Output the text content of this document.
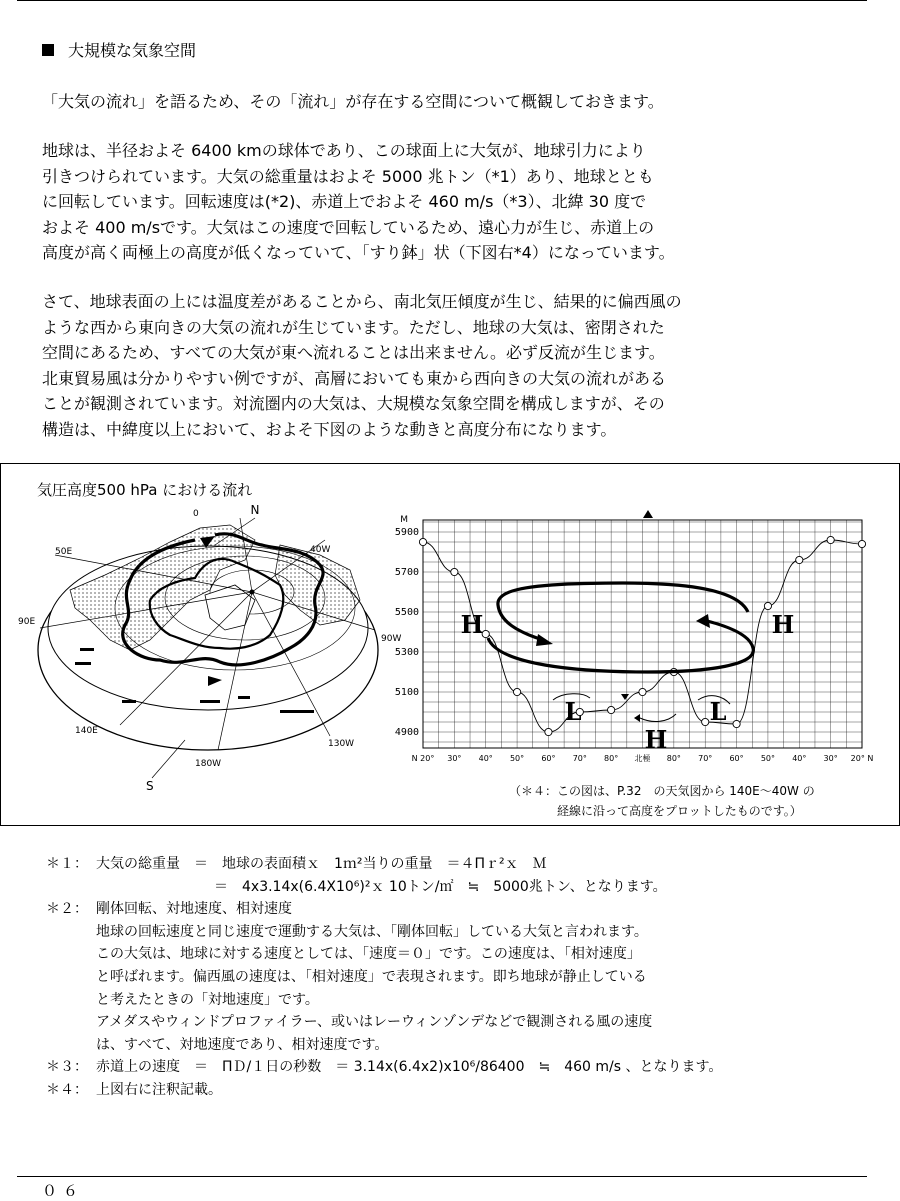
大規模な気象空間
「大気の流れ」を語るため、その「流れ」が存在する空間について概観しておきます。
地球は、半径およそ 6400 kmの球体であり、この球面上に大気が、地球引力により
引きつけられています。大気の総重量はおよそ 5000 兆トン（*1）あり、地球ととも
に回転しています。回転速度は(*2)、赤道上でおよそ 460 m/s（*3）、北緯 30 度で
およそ 400 m/sです。大気はこの速度で回転しているため、遠心力が生じ、赤道上の
高度が高く両極上の高度が低くなっていて、「すり鉢」状（下図右*4）になっています。
さて、地球表面の上には温度差があることから、南北気圧傾度が生じ、結果的に偏西風の
ような西から東向きの大気の流れが生じています。ただし、地球の大気は、密閉された
空間にあるため、すべての大気が東へ流れることは出来ません。必ず反流が生じます。
北東貿易風は分かりやすい例ですが、高層においても東から西向きの大気の流れがある
ことが観測されています。対流圏内の大気は、大規模な気象空間を構成しますが、その
構造は、中緯度以上において、およそ下図のような動きと高度分布になります。
気圧高度500 hPa における流れ
N
0
40W
50E
90E
90W
140E
180W
130W
S
M
4900
5100
5300
5500
5700
5900
N 20° 30° 40° 50° 60° 70° 80° 北極 80° 70° 60° 50° 40° 30° 20° N
H	H
L	L
H
（＊４：この図は、P.32　の天気図から 140E～40W の
経線に沿って高度をプロットしたものです。）
＊１： 大気の総重量　＝　地球の表面積ｘ　1ｍ²当りの重量　＝４Πｒ²ｘ　Ｍ
＝　4x3.14x(6.4X10⁶)²ｘ 10トン/㎡　≒　5000兆トン、となります。
＊２： 剛体回転、対地速度、相対速度
地球の回転速度と同じ速度で運動する大気は、「剛体回転」している大気と言われます。
この大気は、地球に対する速度としては、「速度＝０」です。この速度は、「相対速度」
と呼ばれます。偏西風の速度は、「相対速度」で表現されます。即ち地球が静止している
と考えたときの「対地速度」です。
アメダスやウィンドプロファイラー、或いはレーウィンゾンデなどで観測される風の速度
は、すべて、対地速度であり、相対速度です。
＊３： 赤道上の速度　＝　ΠＤ/１日の秒数　＝ 3.14x(6.4x2)x10⁶/86400　≒　460 m/s 、となります。
＊４： 上図右に注釈記載。
０６
